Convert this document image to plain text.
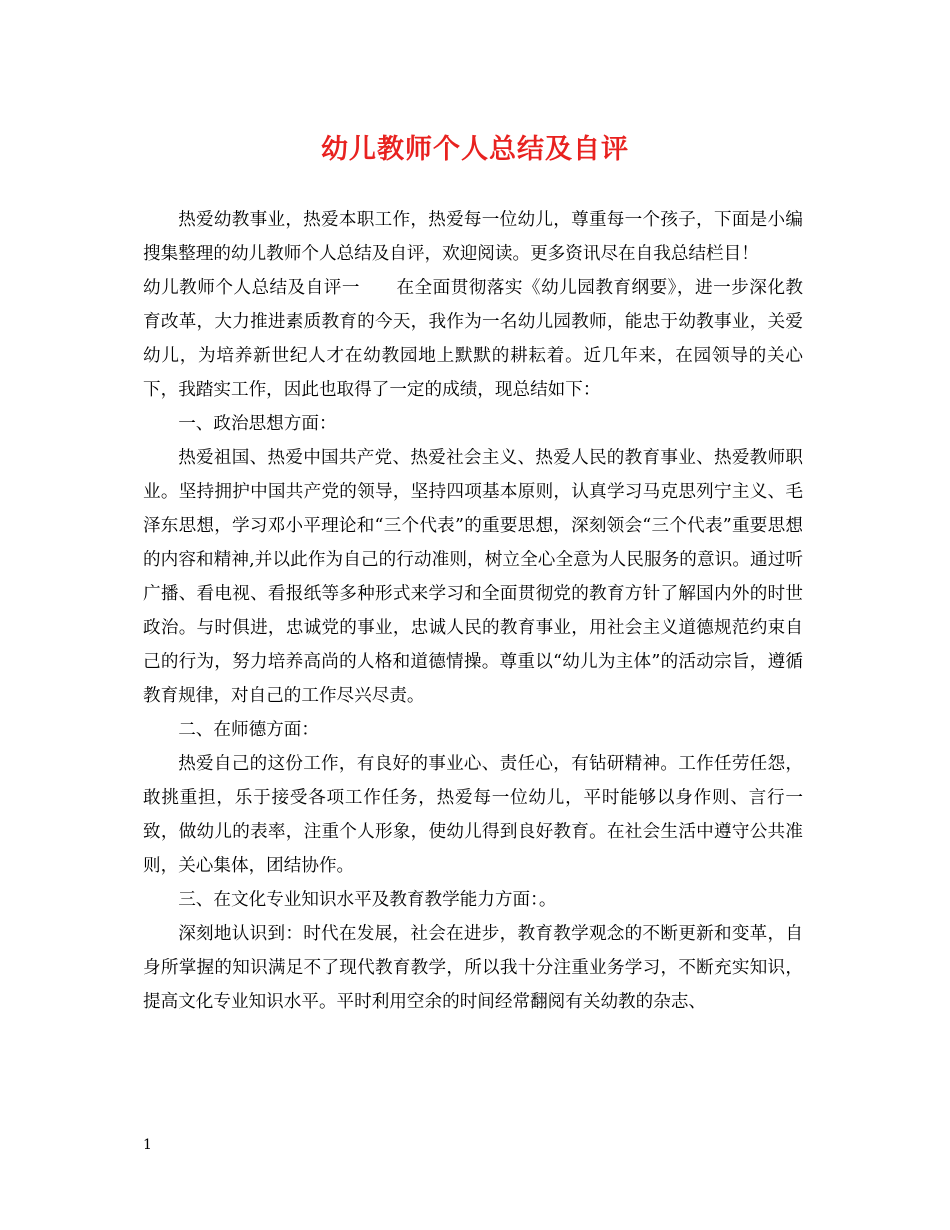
幼儿教师个人总结及自评

热爱幼教事业，热爱本职工作，热爱每一位幼儿，尊重每一个孩子，下面是小编搜集整理的幼儿教师个人总结及自评，欢迎阅读。更多资讯尽在自我总结栏目！

幼儿教师个人总结及自评一 在全面贯彻落实《幼儿园教育纲要》，进一步深化教育改革，大力推进素质教育的今天，我作为一名幼儿园教师，能忠于幼教事业，关爱幼儿，为培养新世纪人才在幼教园地上默默的耕耘着。近几年来，在园领导的关心下，我踏实工作，因此也取得了一定的成绩，现总结如下：

一、政治思想方面：

热爱祖国、热爱中国共产党、热爱社会主义、热爱人民的教育事业、热爱教师职业。坚持拥护中国共产党的领导，坚持四项基本原则，认真学习马克思列宁主义、毛泽东思想，学习邓小平理论和“三个代表”的重要思想，深刻领会“三个代表”重要思想的内容和精神,并以此作为自己的行动准则，树立全心全意为人民服务的意识。通过听广播、看电视、看报纸等多种形式来学习和全面贯彻党的教育方针了解国内外的时世政治。与时俱进，忠诚党的事业，忠诚人民的教育事业，用社会主义道德规范约束自己的行为，努力培养高尚的人格和道德情操。尊重以“幼儿为主体”的活动宗旨，遵循教育规律，对自己的工作尽兴尽责。

二、在师德方面：

热爱自己的这份工作，有良好的事业心、责任心，有钻研精神。工作任劳任怨，敢挑重担，乐于接受各项工作任务，热爱每一位幼儿，平时能够以身作则、言行一致，做幼儿的表率，注重个人形象，使幼儿得到良好教育。在社会生活中遵守公共准则，关心集体，团结协作。

三、在文化专业知识水平及教育教学能力方面：。

深刻地认识到：时代在发展，社会在进步，教育教学观念的不断更新和变革，自身所掌握的知识满足不了现代教育教学，所以我十分注重业务学习，不断充实知识，提高文化专业知识水平。平时利用空余的时间经常翻阅有关幼教的杂志、

1
